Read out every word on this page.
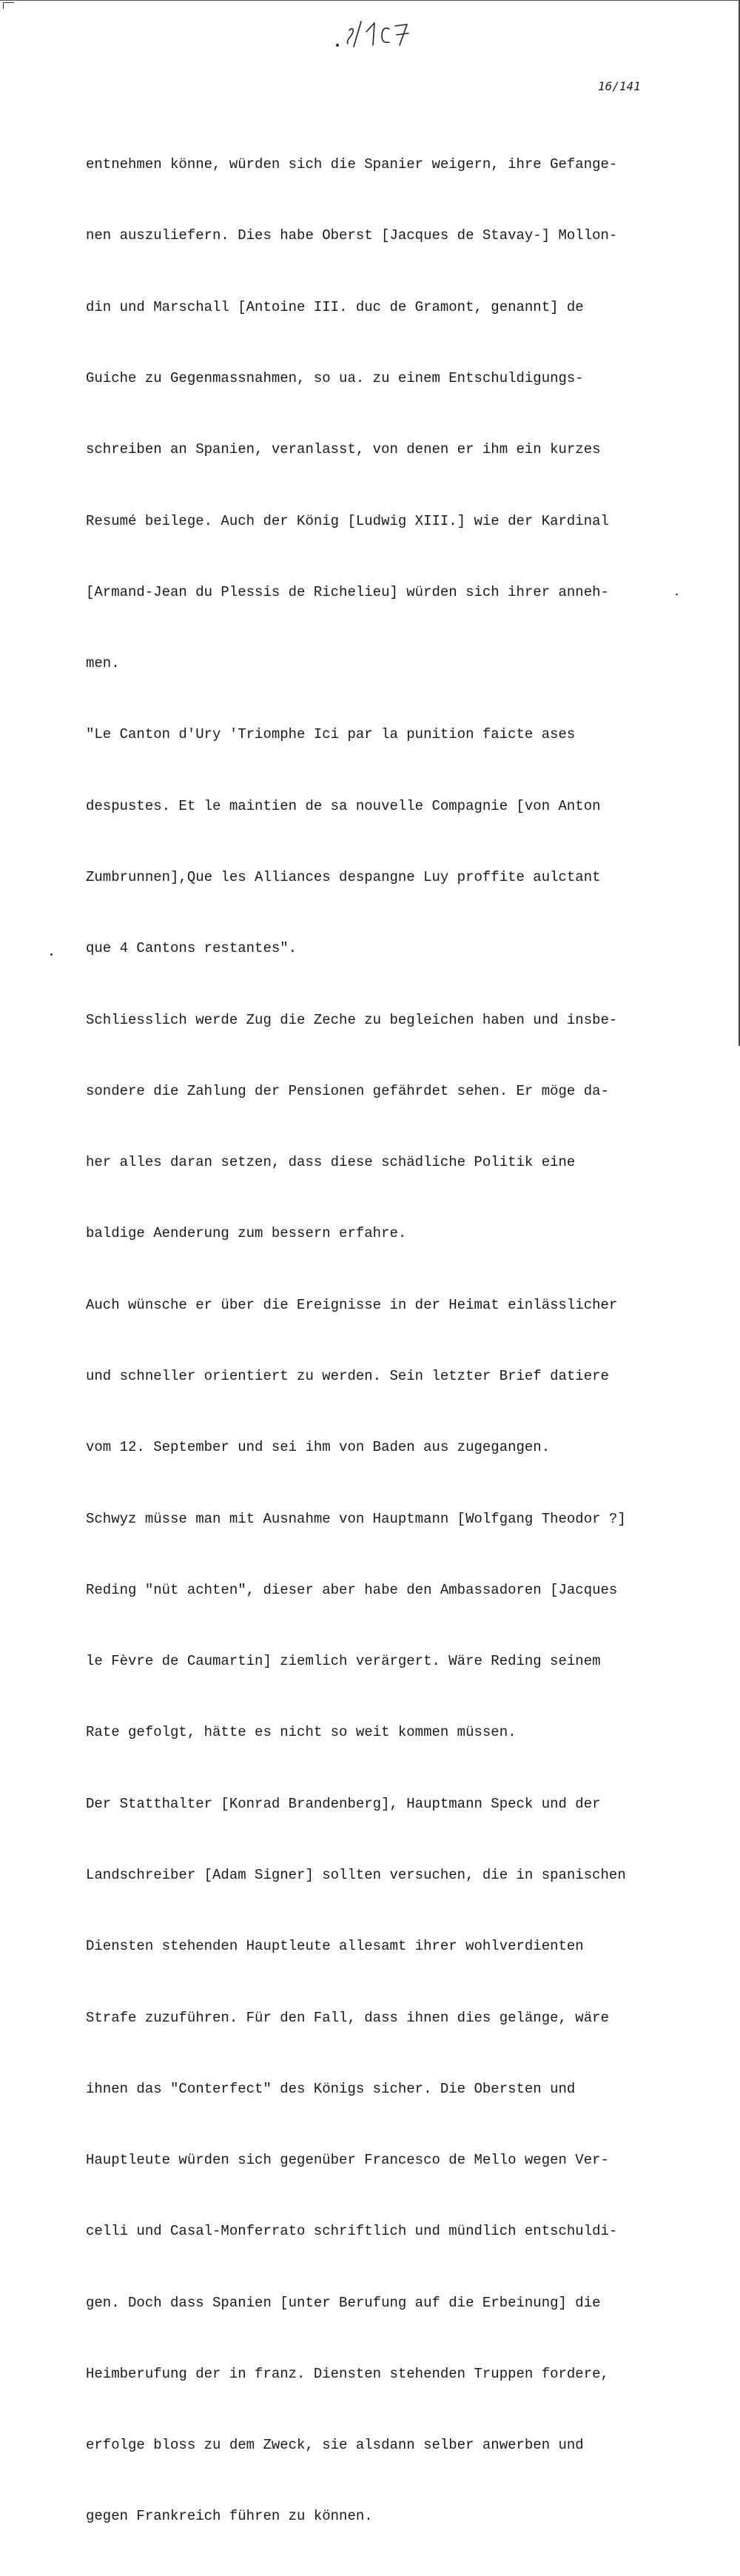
16/141

entnehmen könne, würden sich die Spanier weigern, ihre Gefange-

nen auszuliefern. Dies habe Oberst [Jacques de Stavay-] Mollon-

din und Marschall [Antoine III. duc de Gramont, genannt] de

Guiche zu Gegenmassnahmen, so ua. zu einem Entschuldigungs-

schreiben an Spanien, veranlasst, von denen er ihm ein kurzes

Resumé beilege. Auch der König [Ludwig XIII.] wie der Kardinal

[Armand-Jean du Plessis de Richelieu] würden sich ihrer anneh-

men.

"Le Canton d'Ury 'Triomphe Ici par la punition faicte ases

despustes. Et le maintien de sa nouvelle Compagnie [von Anton

Zumbrunnen],Que les Alliances despangne Luy proffite aulctant

que 4 Cantons restantes".

Schliesslich werde Zug die Zeche zu begleichen haben und insbe-

sondere die Zahlung der Pensionen gefährdet sehen. Er möge da-

her alles daran setzen, dass diese schädliche Politik eine

baldige Aenderung zum bessern erfahre.

Auch wünsche er über die Ereignisse in der Heimat einlässlicher

und schneller orientiert zu werden. Sein letzter Brief datiere

vom 12. September und sei ihm von Baden aus zugegangen.

Schwyz müsse man mit Ausnahme von Hauptmann [Wolfgang Theodor ?]

Reding "nüt achten", dieser aber habe den Ambassadoren [Jacques

le Fèvre de Caumartin] ziemlich verärgert. Wäre Reding seinem

Rate gefolgt, hätte es nicht so weit kommen müssen.

Der Statthalter [Konrad Brandenberg], Hauptmann Speck und der

Landschreiber [Adam Signer] sollten versuchen, die in spanischen

Diensten stehenden Hauptleute allesamt ihrer wohlverdienten

Strafe zuzuführen. Für den Fall, dass ihnen dies gelänge, wäre

ihnen das "Conterfect" des Königs sicher. Die Obersten und

Hauptleute würden sich gegenüber Francesco de Mello wegen Ver-

celli und Casal-Monferrato schriftlich und mündlich entschuldi-

gen. Doch dass Spanien [unter Berufung auf die Erbeinung] die

Heimberufung der in franz. Diensten stehenden Truppen fordere,

erfolge bloss zu dem Zweck, sie alsdann selber anwerben und

gegen Frankreich führen zu können.
